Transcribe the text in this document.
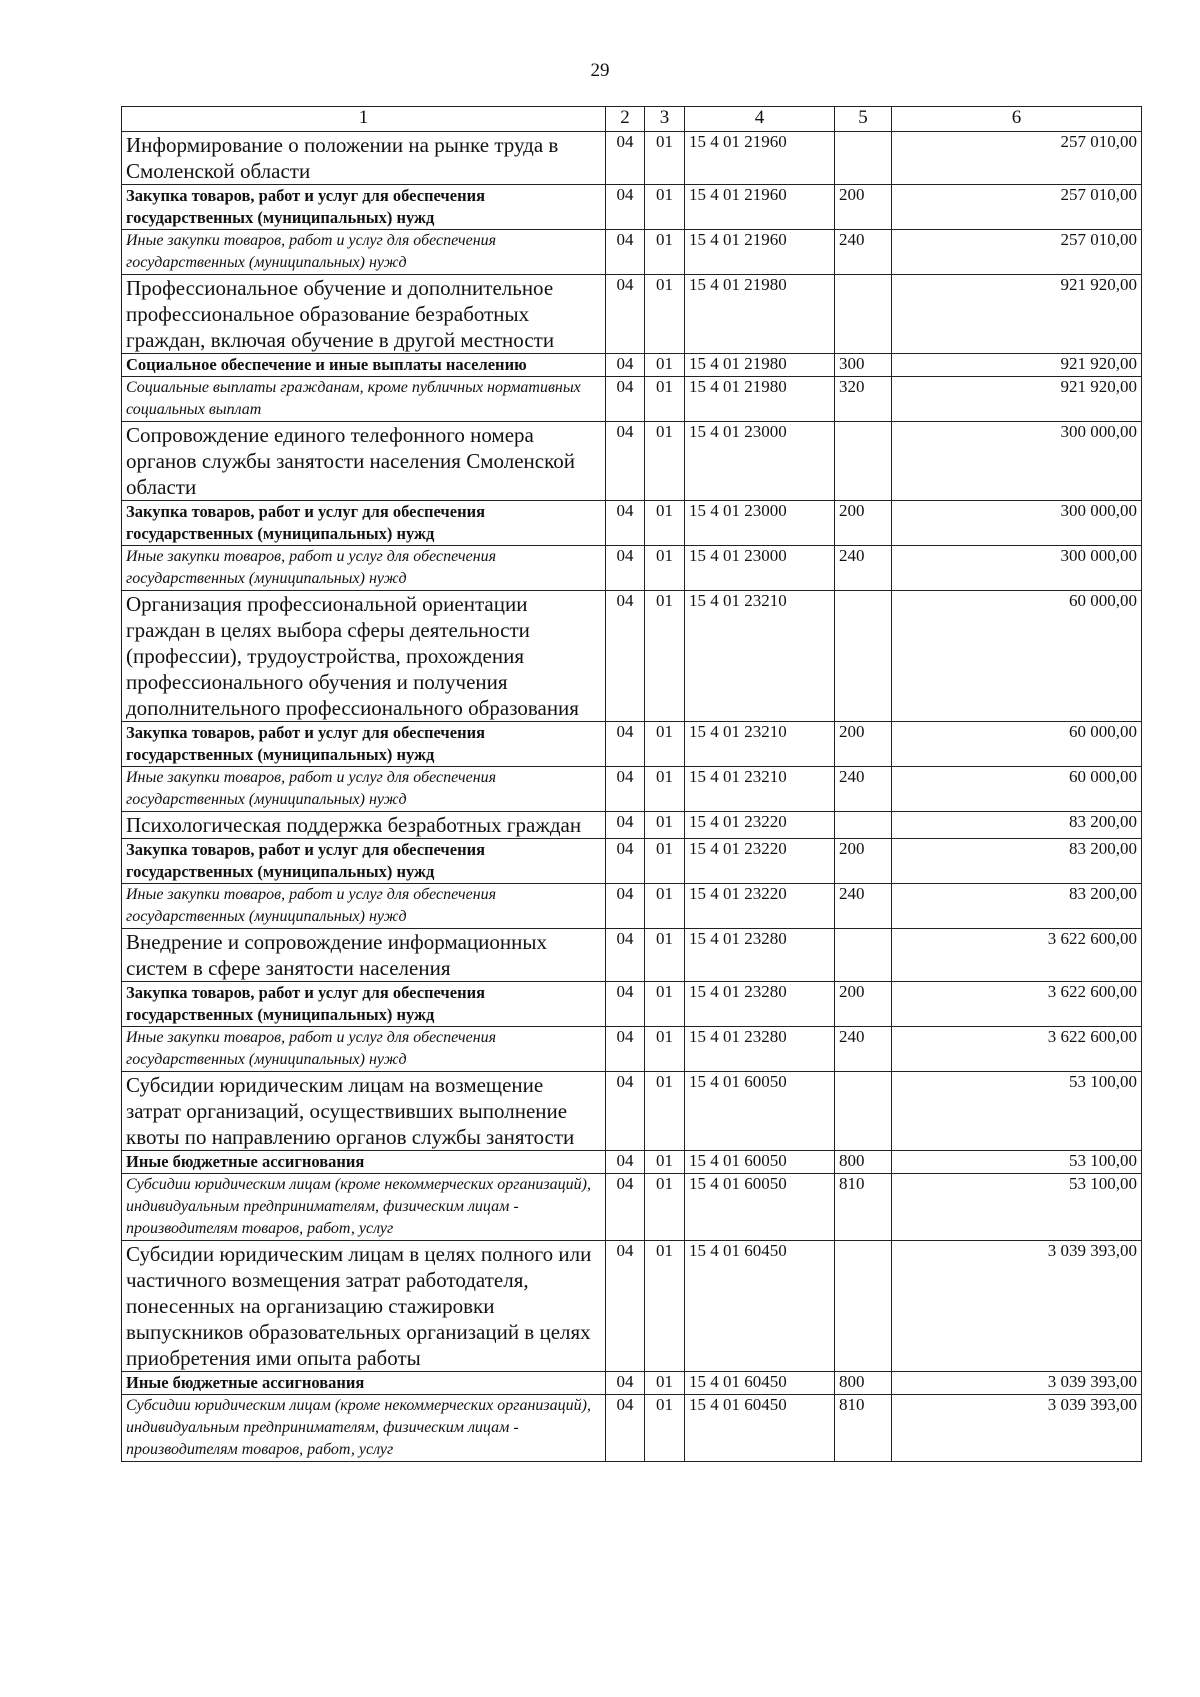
29
1	2	3	4	5	6
Информирование о положении на рынке труда в Смоленской области	04	01	15 4 01 21960		257 010,00
Закупка товаров, работ и услуг для обеспечения государственных (муниципальных) нужд	04	01	15 4 01 21960	200	257 010,00
Иные закупки товаров, работ и услуг для обеспечения государственных (муниципальных) нужд	04	01	15 4 01 21960	240	257 010,00
Профессиональное обучение и дополнительное профессиональное образование безработных граждан, включая обучение в другой местности	04	01	15 4 01 21980		921 920,00
Социальное обеспечение и иные выплаты населению	04	01	15 4 01 21980	300	921 920,00
Социальные выплаты гражданам, кроме публичных нормативных социальных выплат	04	01	15 4 01 21980	320	921 920,00
Сопровождение единого телефонного номера органов службы занятости населения Смоленской области	04	01	15 4 01 23000		300 000,00
Закупка товаров, работ и услуг для обеспечения государственных (муниципальных) нужд	04	01	15 4 01 23000	200	300 000,00
Иные закупки товаров, работ и услуг для обеспечения государственных (муниципальных) нужд	04	01	15 4 01 23000	240	300 000,00
Организация профессиональной ориентации граждан в целях выбора сферы деятельности (профессии), трудоустройства, прохождения профессионального обучения и получения дополнительного профессионального образования	04	01	15 4 01 23210		60 000,00
Закупка товаров, работ и услуг для обеспечения государственных (муниципальных) нужд	04	01	15 4 01 23210	200	60 000,00
Иные закупки товаров, работ и услуг для обеспечения государственных (муниципальных) нужд	04	01	15 4 01 23210	240	60 000,00
Психологическая поддержка безработных граждан	04	01	15 4 01 23220		83 200,00
Закупка товаров, работ и услуг для обеспечения государственных (муниципальных) нужд	04	01	15 4 01 23220	200	83 200,00
Иные закупки товаров, работ и услуг для обеспечения государственных (муниципальных) нужд	04	01	15 4 01 23220	240	83 200,00
Внедрение и сопровождение информационных систем в сфере занятости населения	04	01	15 4 01 23280		3 622 600,00
Закупка товаров, работ и услуг для обеспечения государственных (муниципальных) нужд	04	01	15 4 01 23280	200	3 622 600,00
Иные закупки товаров, работ и услуг для обеспечения государственных (муниципальных) нужд	04	01	15 4 01 23280	240	3 622 600,00
Субсидии юридическим лицам на возмещение затрат организаций, осуществивших выполнение квоты по направлению органов службы занятости	04	01	15 4 01 60050		53 100,00
Иные бюджетные ассигнования	04	01	15 4 01 60050	800	53 100,00
Субсидии юридическим лицам (кроме некоммерческих организаций), индивидуальным предпринимателям, физическим лицам - производителям товаров, работ, услуг	04	01	15 4 01 60050	810	53 100,00
Субсидии юридическим лицам в целях полного или частичного возмещения затрат работодателя, понесенных на организацию стажировки выпускников образовательных организаций в целях приобретения ими опыта работы	04	01	15 4 01 60450		3 039 393,00
Иные бюджетные ассигнования	04	01	15 4 01 60450	800	3 039 393,00
Субсидии юридическим лицам (кроме некоммерческих организаций), индивидуальным предпринимателям, физическим лицам - производителям товаров, работ, услуг	04	01	15 4 01 60450	810	3 039 393,00
